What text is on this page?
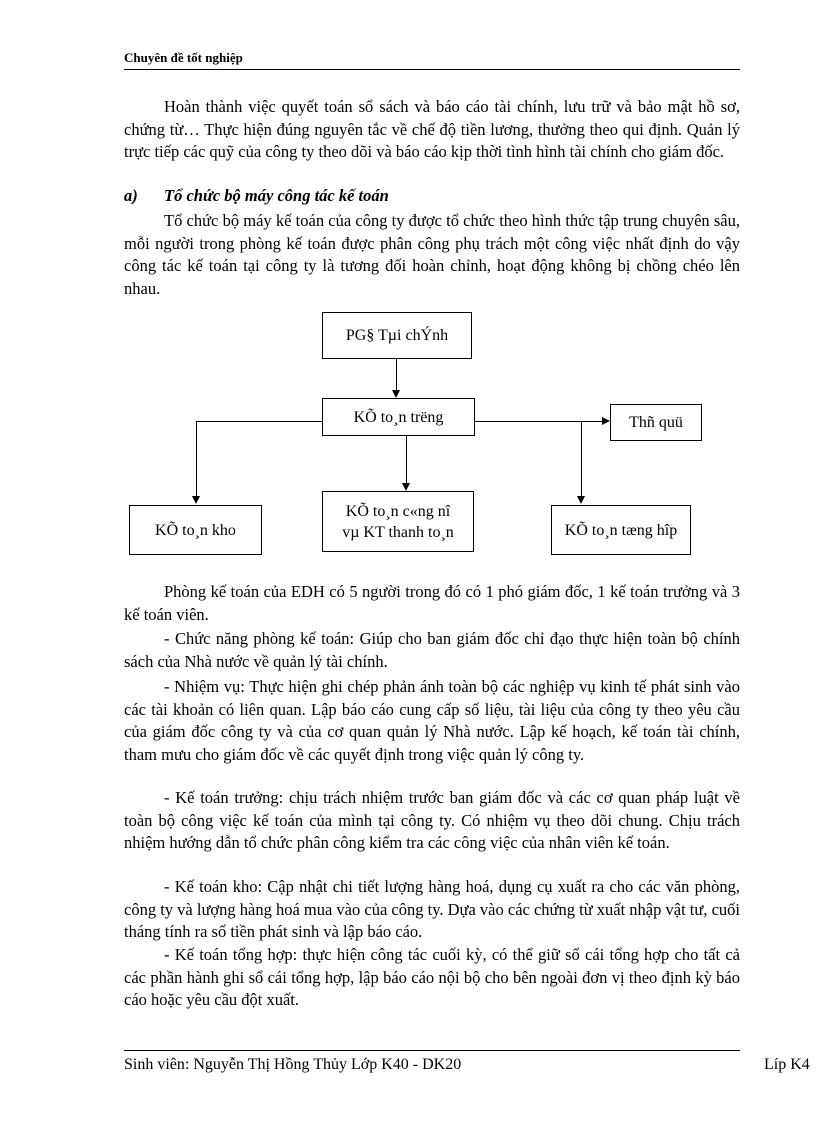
Chuyên đề tốt nghiệp

Hoàn thành việc quyết toán sổ sách và báo cáo tài chính, lưu trữ và bảo mật hồ sơ, chứng từ… Thực hiện đúng nguyên tắc về chế độ tiền lương, thưởng theo qui định. Quản lý trực tiếp các quỹ của công ty theo dõi và báo cáo kịp thời tình hình tài chính cho giám đốc.

a) Tổ chức bộ máy công tác kế toán

Tổ chức bộ máy kế toán của công ty được tổ chức theo hình thức tập trung chuyên sâu, mỗi người trong phòng kế toán được phân công phụ trách một công việc nhất định do vậy công tác kế toán tại công ty là tương đối hoàn chỉnh, hoạt động không bị chồng chéo lên nhau.

PG§ Tµi chÝnh
KÕ to¸n trëng	Thñ quü
KÕ to¸n kho
KÕ to¸n c«ng nî
vµ KT thanh to¸n	KÕ to¸n tæng hîp

Phòng kế toán của EDH có 5 người trong đó có 1 phó giám đốc, 1 kế toán trưởng và 3 kế toán viên.

- Chức năng phòng kế toán: Giúp cho ban giám đốc chỉ đạo thực hiện toàn bộ chính sách của Nhà nước về quản lý tài chính.

- Nhiệm vụ: Thực hiện ghi chép phản ánh toàn bộ các nghiệp vụ kinh tế phát sinh vào các tài khoản có liên quan. Lập báo cáo cung cấp số liệu, tài liệu của công ty theo yêu cầu của giám đốc công ty và của cơ quan quản lý Nhà nước. Lập kế hoạch, kế toán tài chính, tham mưu cho giám đốc về các quyết định trong việc quản lý công ty.

- Kế toán trưởng: chịu trách nhiệm trước ban giám đốc và các cơ quan pháp luật về toàn bộ công việc kế toán của mình tại công ty. Có nhiệm vụ theo dõi chung. Chịu trách nhiệm hướng dẫn tổ chức phân công kiểm tra các công việc của nhân viên kế toán.

- Kế toán kho: Cập nhật chi tiết lượng hàng hoá, dụng cụ xuất ra cho các văn phòng, công ty và lượng hàng hoá mua vào của công ty. Dựa vào các chứng từ xuất nhập vật tư, cuối tháng tính ra số tiền phát sinh và lập báo cáo.

- Kế toán tổng hợp: thực hiện công tác cuối kỳ, có thể giữ sổ cái tổng hợp cho tất cả các phần hành ghi sổ cái tổng hợp, lập báo cáo nội bộ cho bên ngoài đơn vị theo định kỳ báo cáo hoặc yêu cầu đột xuất.

Sinh viên: Nguyễn Thị Hồng Thủy Lớp K40 - DK20	Líp K4
